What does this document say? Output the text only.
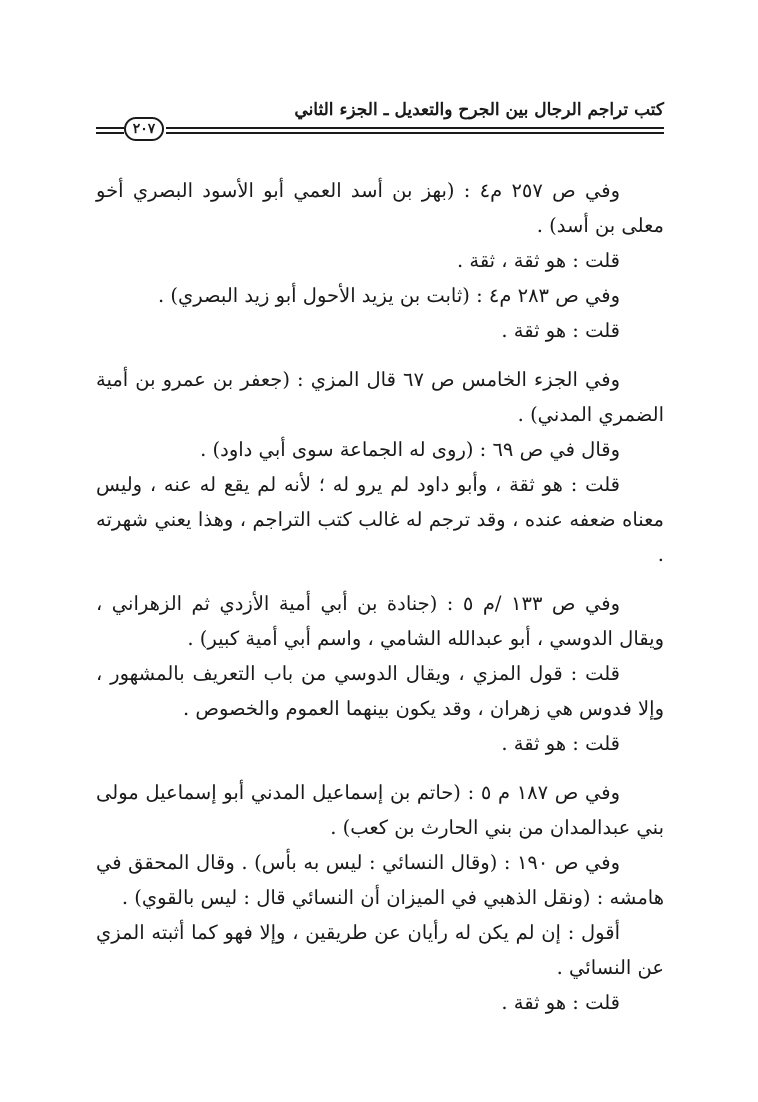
كتب تراجم الرجال بين الجرح والتعديل ـ الجزء الثاني
٢٠٧

وفي ص ٢٥٧ م٤ : (بهز بن أسد العمي أبو الأسود البصري أخو معلى بن أسد) .

قلت : هو ثقة ، ثقة .

وفي ص ٢٨٣ م٤ : (ثابت بن يزيد الأحول أبو زيد البصري) .

قلت : هو ثقة .

وفي الجزء الخامس ص ٦٧ قال المزي : (جعفر بن عمرو بن أمية الضمري المدني) .

وقال في ص ٦٩ : (روى له الجماعة سوى أبي داود) .

قلت : هو ثقة ، وأبو داود لم يرو له ؛ لأنه لم يقع له عنه ، وليس معناه ضعفه عنده ، وقد ترجم له غالب كتب التراجم ، وهذا يعني شهرته .

وفي ص ١٣٣ /م ٥ : (جنادة بن أبي أمية الأزدي ثم الزهراني ، ويقال الدوسي ، أبو عبدالله الشامي ، واسم أبي أمية كبير) .

قلت : قول المزي ، ويقال الدوسي من باب التعريف بالمشهور ، وإلا فدوس هي زهران ، وقد يكون بينهما العموم والخصوص .

قلت : هو ثقة .

وفي ص ١٨٧ م ٥ : (حاتم بن إسماعيل المدني أبو إسماعيل مولى بني عبدالمدان من بني الحارث بن كعب) .

وفي ص ١٩٠ : (وقال النسائي : ليس به بأس) . وقال المحقق في هامشه : (ونقل الذهبي في الميزان أن النسائي قال : ليس بالقوي) .

أقول : إن لم يكن له رأيان عن طريقين ، وإلا فهو كما أثبته المزي عن النسائي .

قلت : هو ثقة .
